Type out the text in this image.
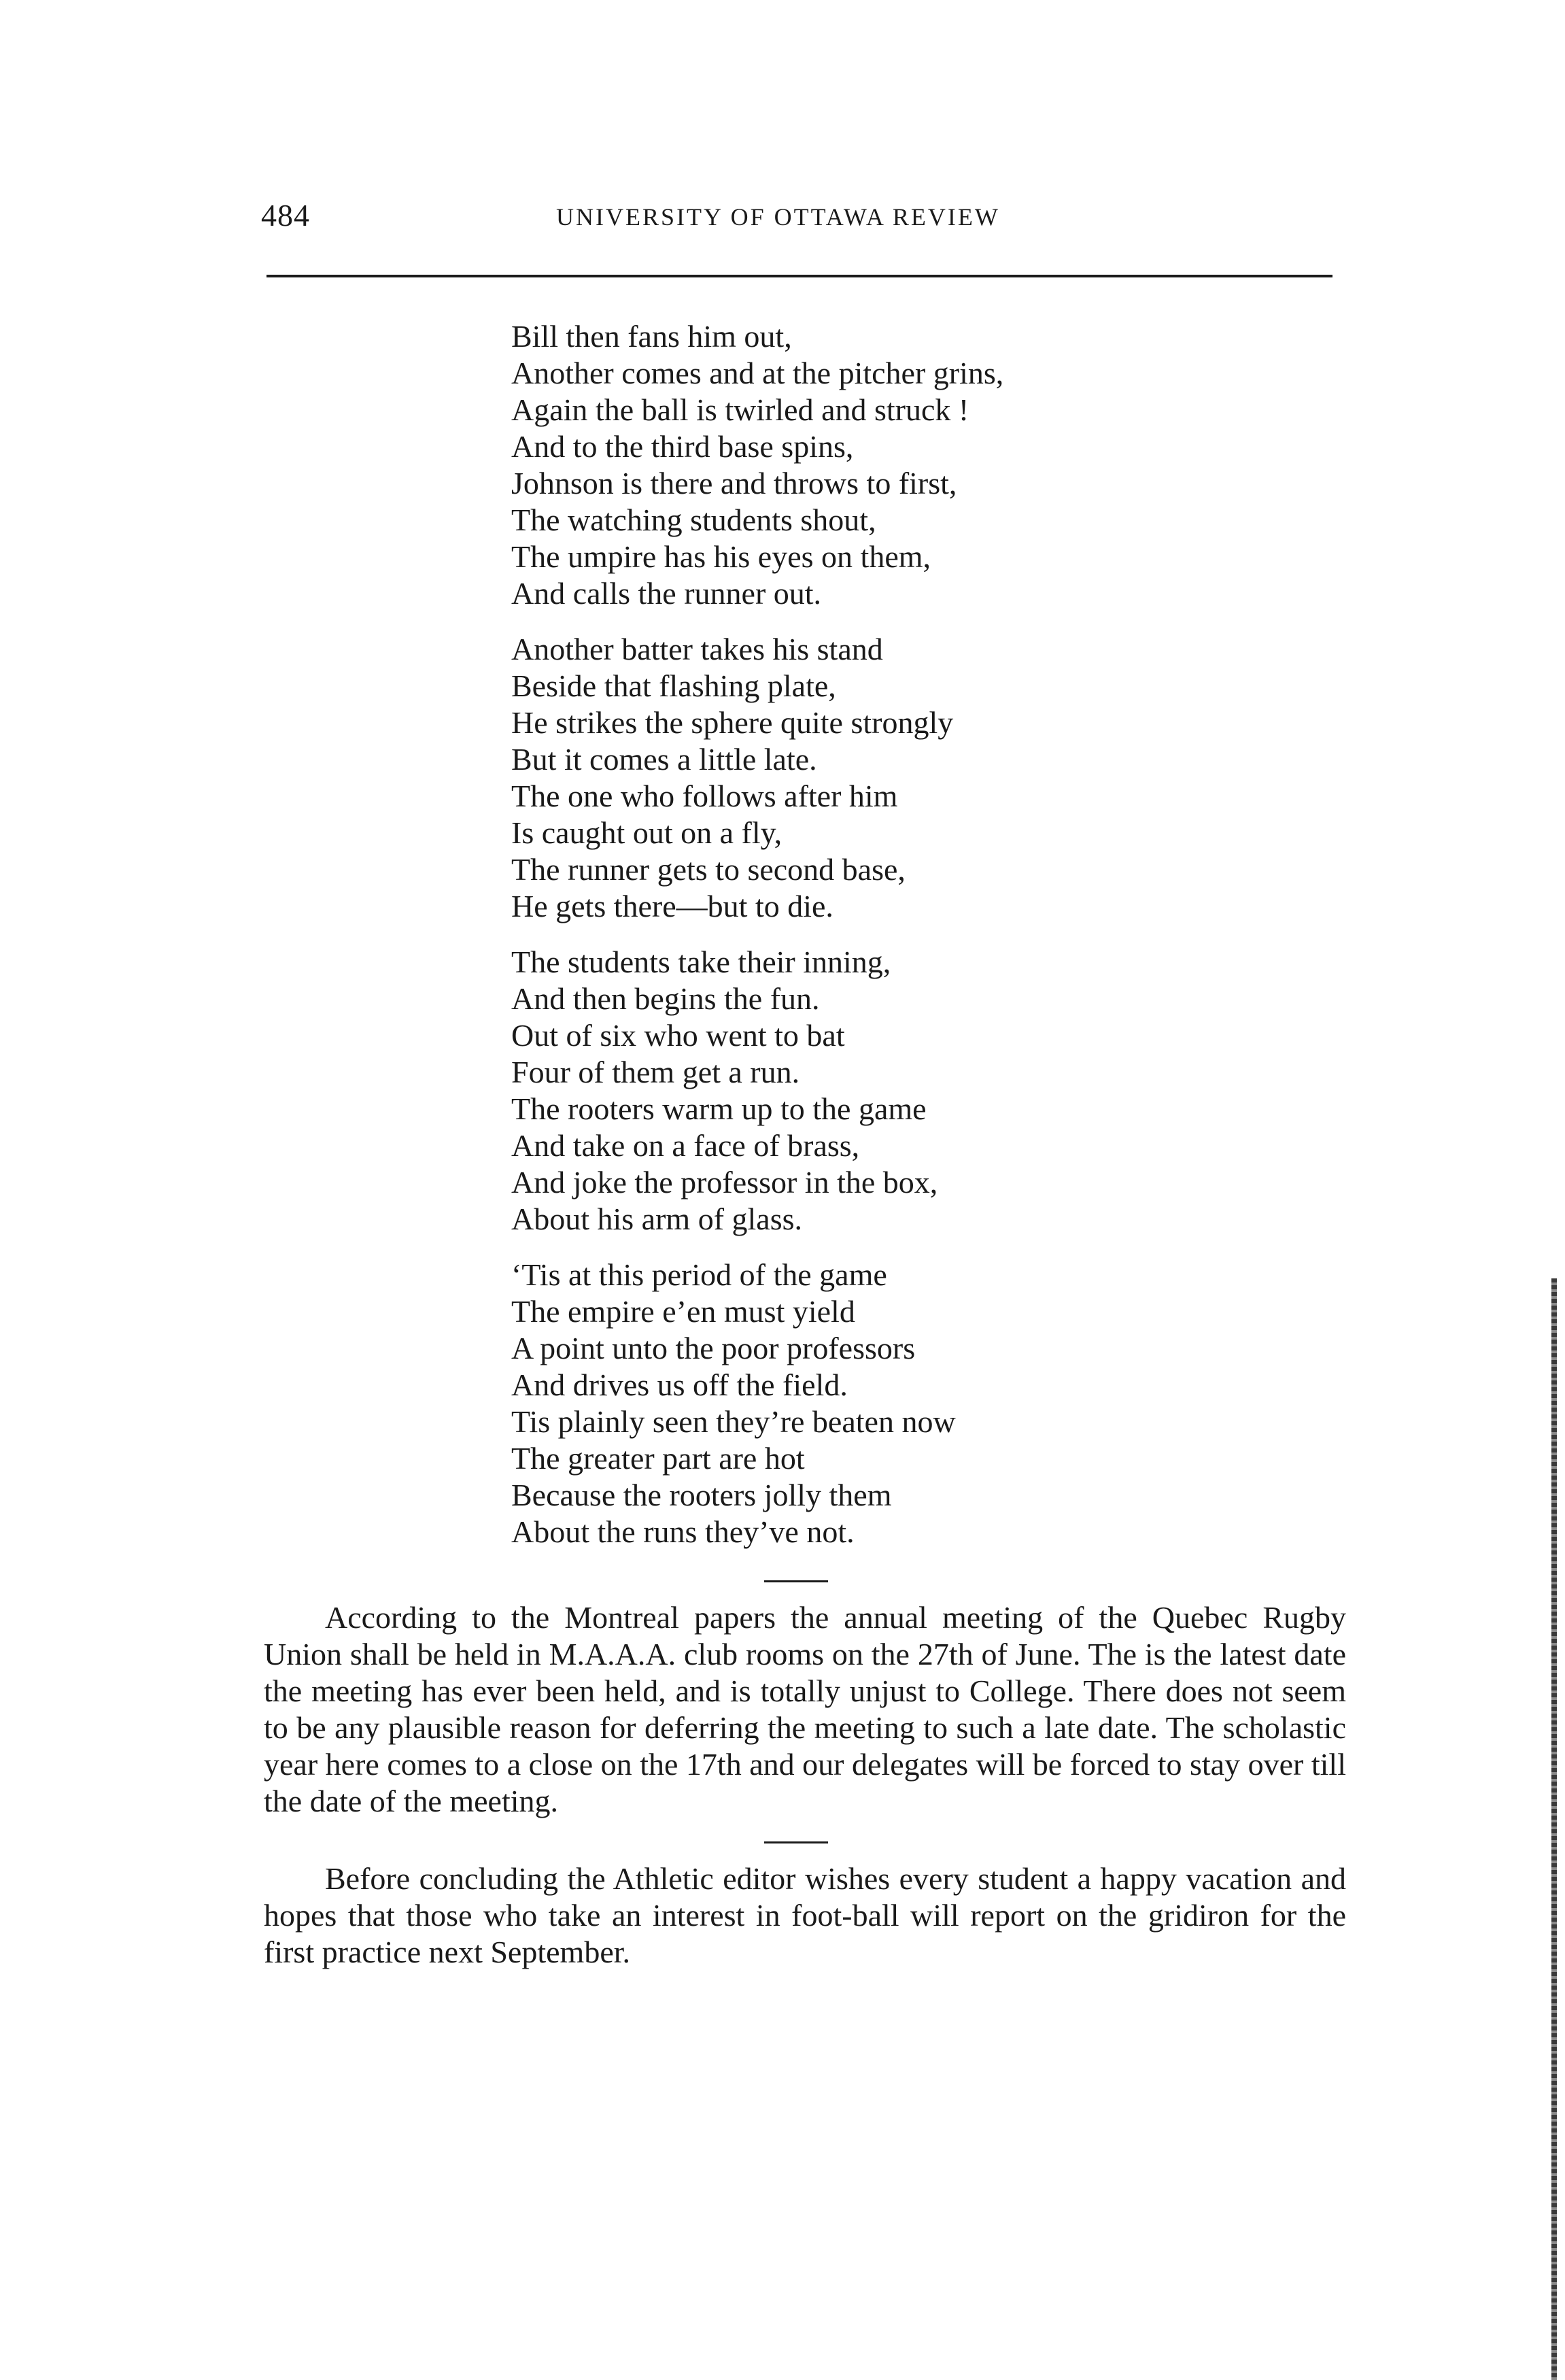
484	UNIVERSITY OF OTTAWA REVIEW
Bill then fans him out,
Another comes and at the pitcher grins,
Again the ball is twirled and struck !
And to the third base spins,
Johnson is there and throws to first,
The watching students shout,
The umpire has his eyes on them,
And calls the runner out.
Another batter takes his stand
Beside that flashing plate,
He strikes the sphere quite strongly
But it comes a little late.
The one who follows after him
Is caught out on a fly,
The runner gets to second base,
He gets there—but to die.
The students take their inning,
And then begins the fun.
Out of six who went to bat
Four of them get a run.
The rooters warm up to the game
And take on a face of brass,
And joke the professor in the box,
About his arm of glass.
‘Tis at this period of the game
The empire e’en must yield
A point unto the poor professors
And drives us off the field.
Tis plainly seen they’re beaten now
The greater part are hot
Because the rooters jolly them
About the runs they’ve not.

According to the Montreal papers the annual meeting of the Quebec Rugby Union shall be held in M.A.A.A. club rooms on the 27th of June. The is the latest date the meeting has ever been held, and is totally unjust to College. There does not seem to be any plausible reason for deferring the meeting to such a late date. The scholastic year here comes to a close on the 17th and our delegates will be forced to stay over till the date of the meeting.

Before concluding the Athletic editor wishes every student a happy vacation and hopes that those who take an interest in foot-ball will report on the gridiron for the first practice next September.
